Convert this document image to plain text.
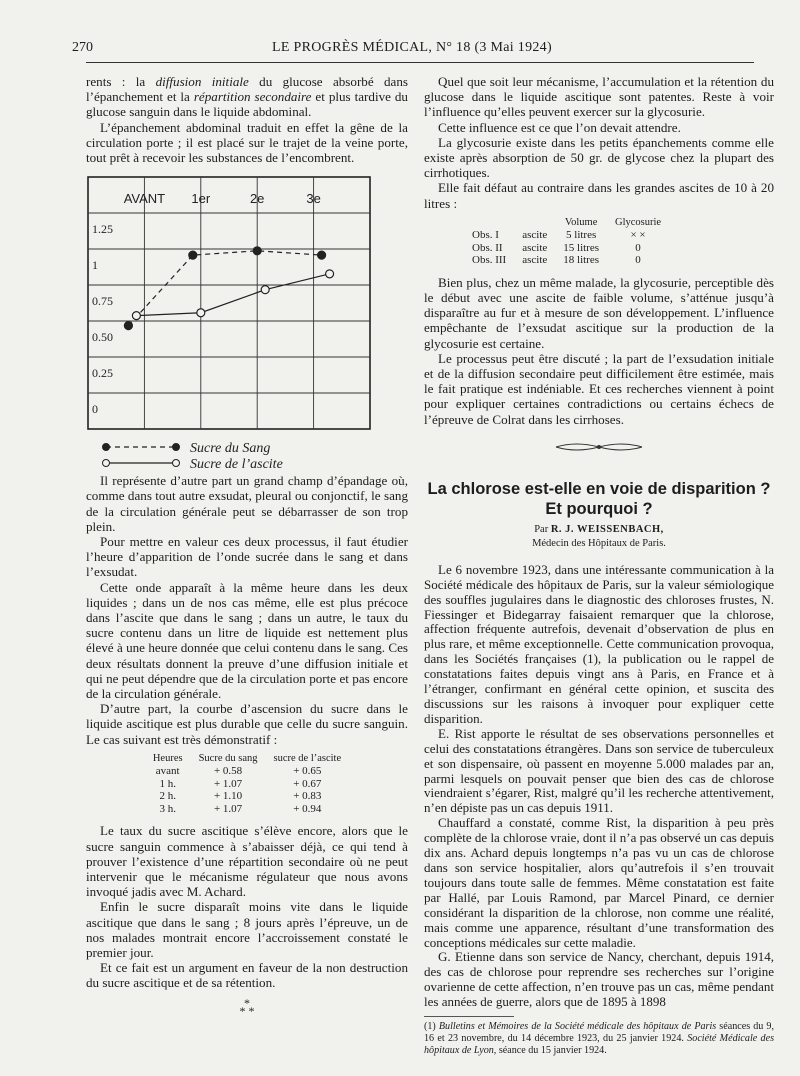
270	LE PROGRÈS MÉDICAL, N° 18 (3 Mai 1924)

rents : la diffusion initiale du glucose absorbé dans l’épanchement et la répartition secondaire et plus tardive du glucose sanguin dans le liquide abdominal.

L’épanchement abdominal traduit en effet la gêne de la circulation porte ; il est placé sur le trajet de la veine porte, tout prêt à recevoir les substances de l’encombrent.

AVANT 1er	2e	3e
0
0.25
0.50
0.75
1
1.25
Sucre du Sang
Sucre de l’ascite

Il représente d’autre part un grand champ d’épandage où, comme dans tout autre exsudat, pleural ou conjonctif, le sang de la circulation générale peut se débarrasser de son trop plein.

Pour mettre en valeur ces deux processus, il faut étudier l’heure d’apparition de l’onde sucrée dans le sang et dans l’exsudat.

Cette onde apparaît à la même heure dans les deux liquides ; dans un de nos cas même, elle est plus précoce dans l’ascite que dans le sang ; dans un autre, le taux du sucre contenu dans un litre de liquide est nettement plus élevé à une heure donnée que celui contenu dans le sang. Ces deux résultats donnent la preuve d’une diffusion initiale et qui ne peut dépendre que de la circulation porte et pas encore de la circulation générale.

D’autre part, la courbe d’ascension du sucre dans le liquide ascitique est plus durable que celle du sucre sanguin. Le cas suivant est très démonstratif :

Heures	Sucre du sang	sucre de l’ascite
avant	+ 0.58	+ 0.65
1 h.	+ 1.07	+ 0.67
2 h.	+ 1.10	+ 0.83
3 h.	+ 1.07	+ 0.94

Le taux du sucre ascitique s’élève encore, alors que le sucre sanguin commence à s’abaisser déjà, ce qui tend à prouver l’existence d’une répartition secondaire où ne peut intervenir que le mécanisme régulateur que nous avons invoqué jadis avec M. Achard.

Enfin le sucre disparaît moins vite dans le liquide ascitique que dans le sang ; 8 jours après l’épreuve, un de nos malades montrait encore l’accroissement constaté le premier jour.

Et ce fait est un argument en faveur de la non destruction du sucre ascitique et de sa rétention.

*
* *

Quel que soit leur mécanisme, l’accumulation et la rétention du glucose dans le liquide ascitique sont patentes. Reste à voir l’influence qu’elles peuvent exercer sur la glycosurie.

Cette influence est ce que l’on devait attendre.

La glycosurie existe dans les petits épanchements comme elle existe après absorption de 50 gr. de glycose chez la plupart des cirrhotiques.

Elle fait défaut au contraire dans les grandes ascites de 10 à 20 litres :

		Volume	Glycosurie
Obs. I	ascite	5 litres	× ×
Obs. II	ascite	15 litres	0
Obs. III	ascite	18 litres	0

Bien plus, chez un même malade, la glycosurie, perceptible dès le début avec une ascite de faible volume, s’atténue jusqu’à disparaître au fur et à mesure de son développement. L’influence empêchante de l’exsudat ascitique sur la production de la glycosurie est certaine.

Le processus peut être discuté ; la part de l’exsudation initiale et de la diffusion secondaire peut difficilement être estimée, mais le fait pratique est indéniable. Et ces recherches viennent à point pour expliquer certaines contradictions ou certains échecs de l’épreuve de Colrat dans les cirrhoses.

La chlorose est-elle en voie de disparition ?
Et pourquoi ?
Par R. J. WEISSENBACH,
Médecin des Hôpitaux de Paris.

Le 6 novembre 1923, dans une intéressante communication à la Société médicale des hôpitaux de Paris, sur la valeur sémiologique des souffles jugulaires dans le diagnostic des chloroses frustes, N. Fiessinger et Bidegarray faisaient remarquer que la chlorose, affection fréquente autrefois, devenait d’observation de plus en plus rare, et même exceptionnelle. Cette communication provoqua, dans les Sociétés françaises (1), la publication ou le rappel de constatations faites depuis vingt ans à Paris, en France et à l’étranger, confirmant en général cette opinion, et suscita des discussions sur les raisons à invoquer pour expliquer cette disparition.

E. Rist apporte le résultat de ses observations personnelles et celui des constatations étrangères. Dans son service de tuberculeux et son dispensaire, où passent en moyenne 5.000 malades par an, parmi lesquels on pouvait penser que bien des cas de chlorose viendraient s’égarer, Rist, malgré qu’il les recherche attentivement, n’en dépiste pas un cas depuis 1911.

Chauffard a constaté, comme Rist, la disparition à peu près complète de la chlorose vraie, dont il n’a pas observé un cas depuis dix ans. Achard depuis longtemps n’a pas vu un cas de chlorose dans son service hospitalier, alors qu’autrefois il s’en trouvait toujours dans toute salle de femmes. Même constatation est faite par Hallé, par Louis Ramond, par Marcel Pinard, ce dernier considérant la disparition de la chlorose, non comme une réalité, mais comme une apparence, résultant d’une transformation des conceptions médicales sur cette maladie.

G. Etienne dans son service de Nancy, cherchant, depuis 1914, des cas de chlorose pour reprendre ses recherches sur l’origine ovarienne de cette affection, n’en trouve pas un cas, même pendant les années de guerre, alors que de 1895 à 1898

(1) Bulletins et Mémoires de la Société médicale des hôpitaux de Paris séances du 9, 16 et 23 novembre, du 14 décembre 1923, du 25 janvier 1924. Société Médicale des hôpitaux de Lyon, séance du 15 janvier 1924.
